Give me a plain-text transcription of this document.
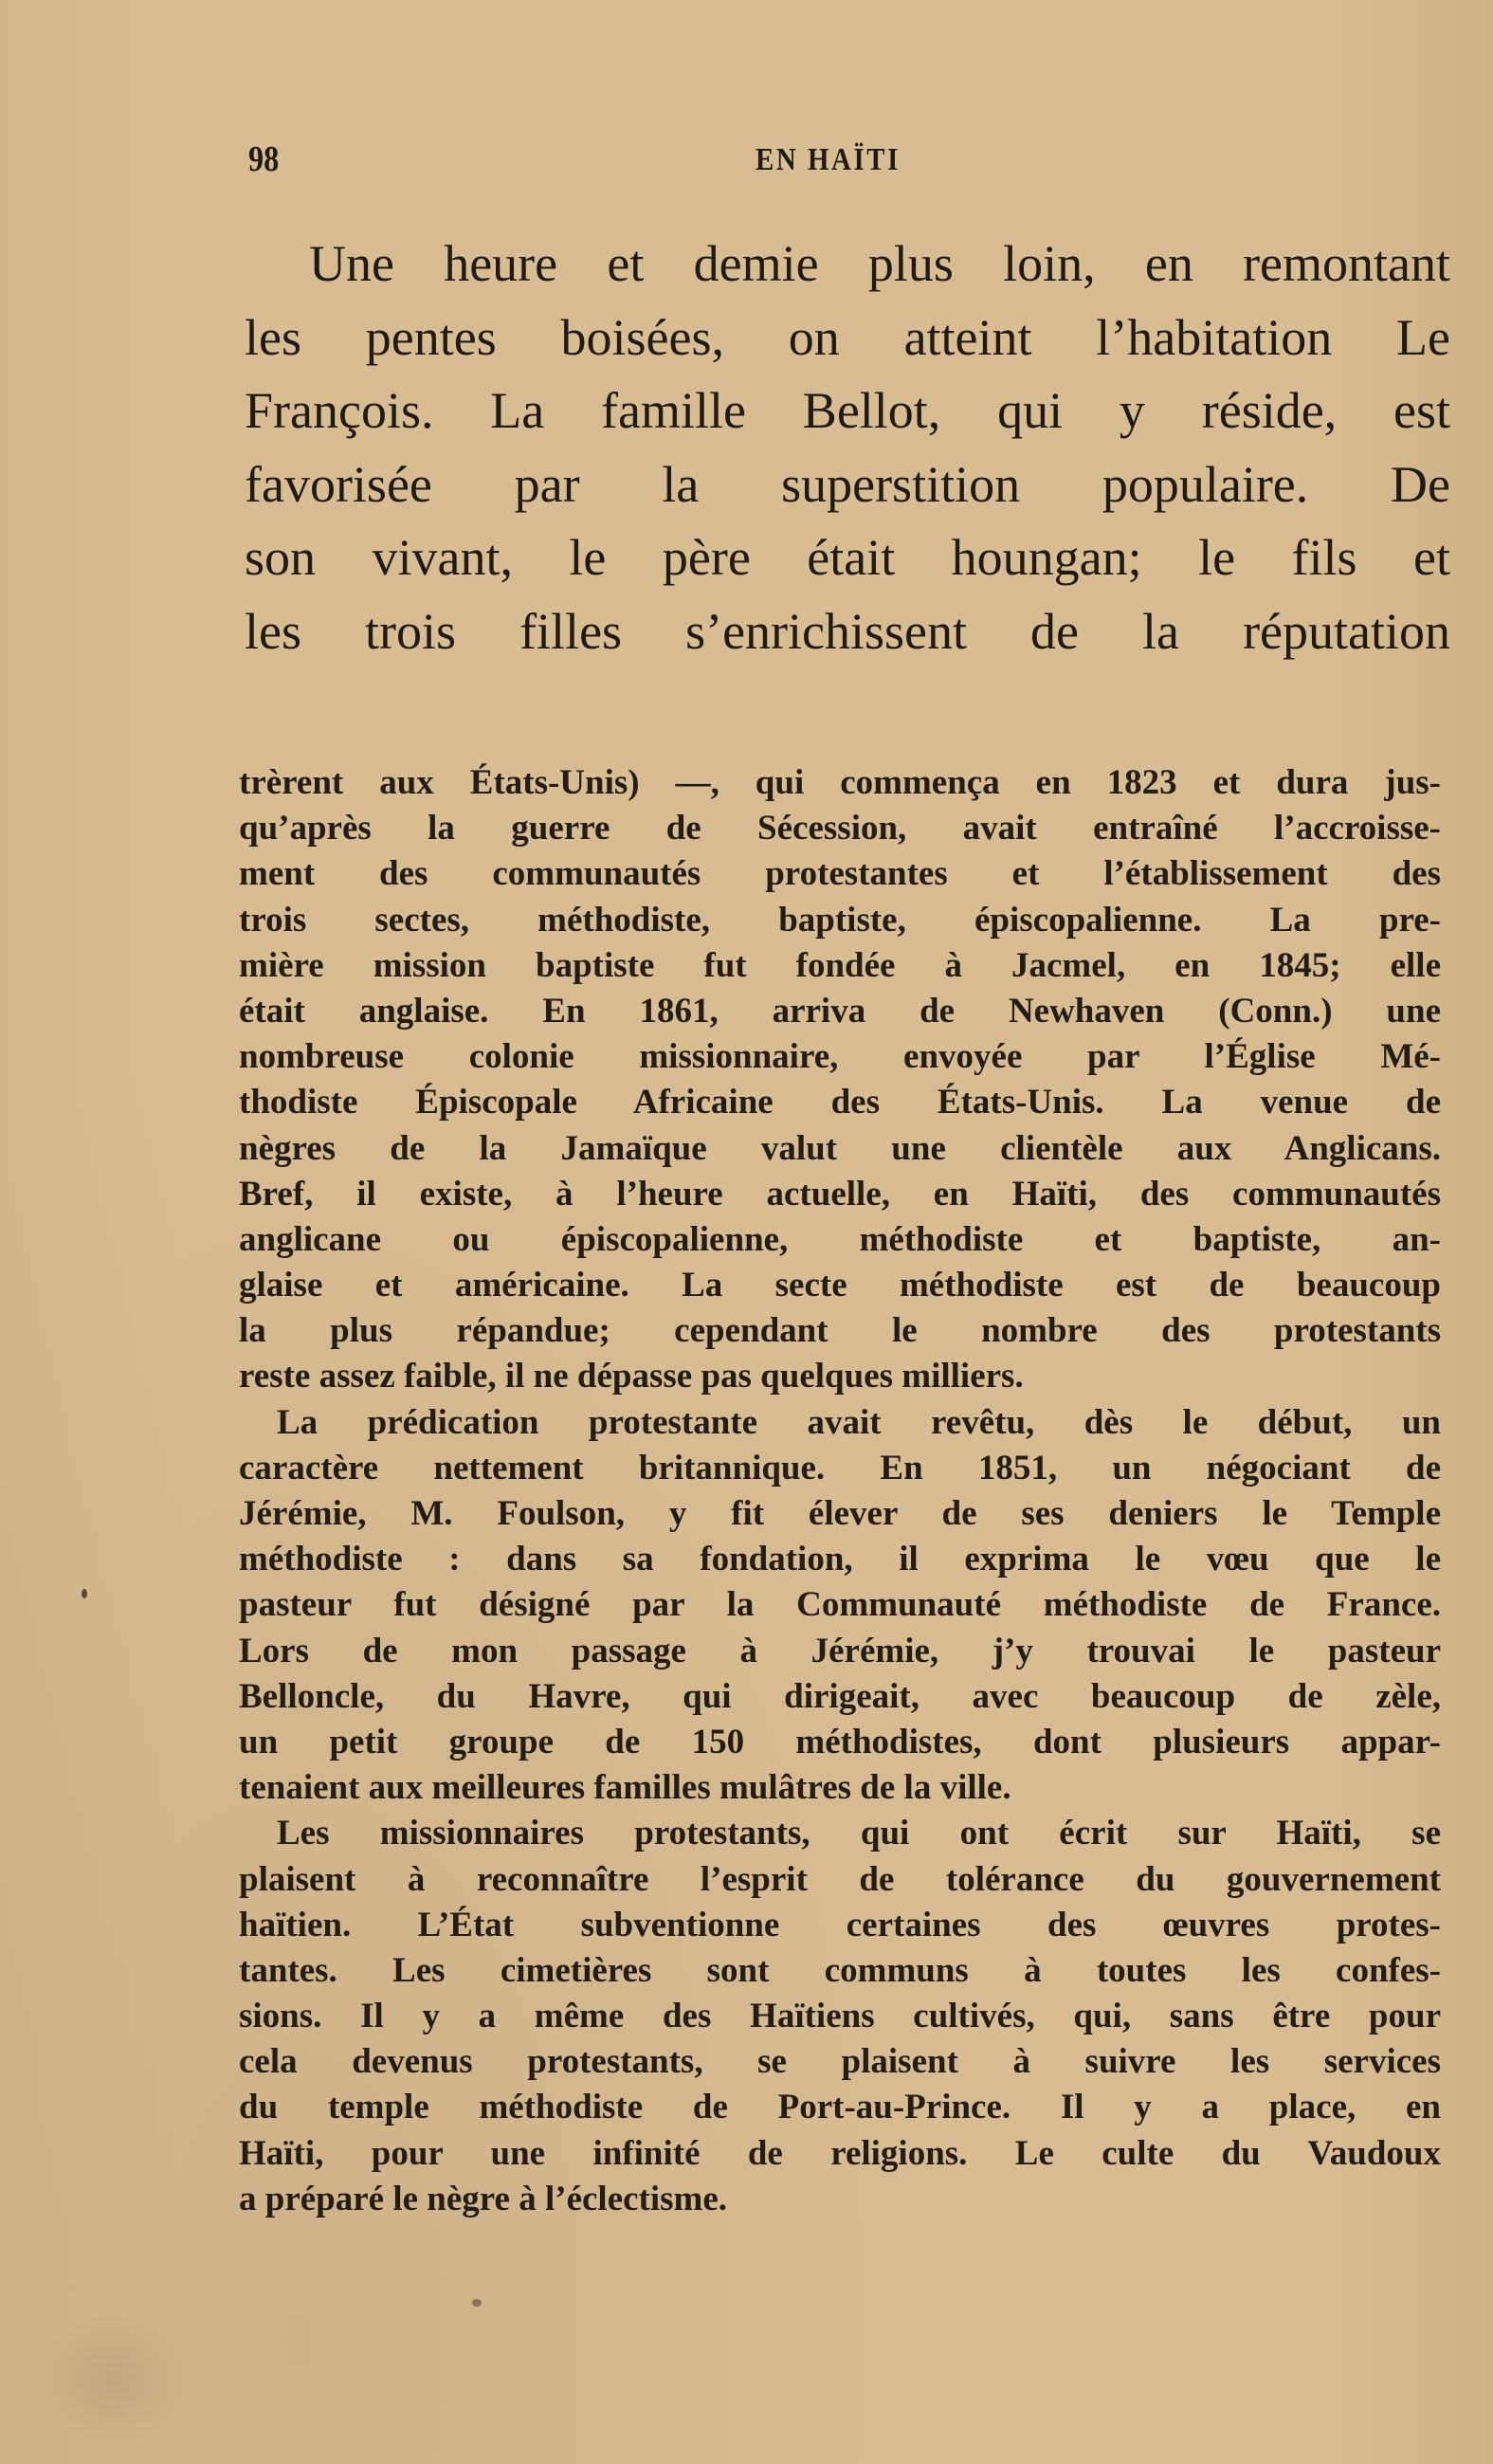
98	EN HAÏTI
Une heure et demie plus loin, en remontant
les pentes boisées, on atteint l’habitation Le
François. La famille Bellot, qui y réside, est
favorisée par la superstition populaire. De
son vivant, le père était houngan; le fils et
les trois filles s’enrichissent de la réputation
trèrent aux États-Unis) —, qui commença en 1823 et dura jus-
qu’après la guerre de Sécession, avait entraîné l’accroisse-
ment des communautés protestantes et l’établissement des
trois sectes, méthodiste, baptiste, épiscopalienne. La pre-
mière mission baptiste fut fondée à Jacmel, en 1845; elle
était anglaise. En 1861, arriva de Newhaven (Conn.) une
nombreuse colonie missionnaire, envoyée par l’Église Mé-
thodiste Épiscopale Africaine des États-Unis. La venue de
nègres de la Jamaïque valut une clientèle aux Anglicans.
Bref, il existe, à l’heure actuelle, en Haïti, des communautés
anglicane ou épiscopalienne, méthodiste et baptiste, an-
glaise et américaine. La secte méthodiste est de beaucoup
la plus répandue; cependant le nombre des protestants
reste assez faible, il ne dépasse pas quelques milliers.
La prédication protestante avait revêtu, dès le début, un
caractère nettement britannique. En 1851, un négociant de
Jérémie, M. Foulson, y fit élever de ses deniers le Temple
méthodiste : dans sa fondation, il exprima le vœu que le
pasteur fut désigné par la Communauté méthodiste de France.
Lors de mon passage à Jérémie, j’y trouvai le pasteur
Belloncle, du Havre, qui dirigeait, avec beaucoup de zèle,
un petit groupe de 150 méthodistes, dont plusieurs appar-
tenaient aux meilleures familles mulâtres de la ville.
Les missionnaires protestants, qui ont écrit sur Haïti, se
plaisent à reconnaître l’esprit de tolérance du gouvernement
haïtien. L’État subventionne certaines des œuvres protes-
tantes. Les cimetières sont communs à toutes les confes-
sions. Il y a même des Haïtiens cultivés, qui, sans être pour
cela devenus protestants, se plaisent à suivre les services
du temple méthodiste de Port-au-Prince. Il y a place, en
Haïti, pour une infinité de religions. Le culte du Vaudoux
a préparé le nègre à l’éclectisme.
